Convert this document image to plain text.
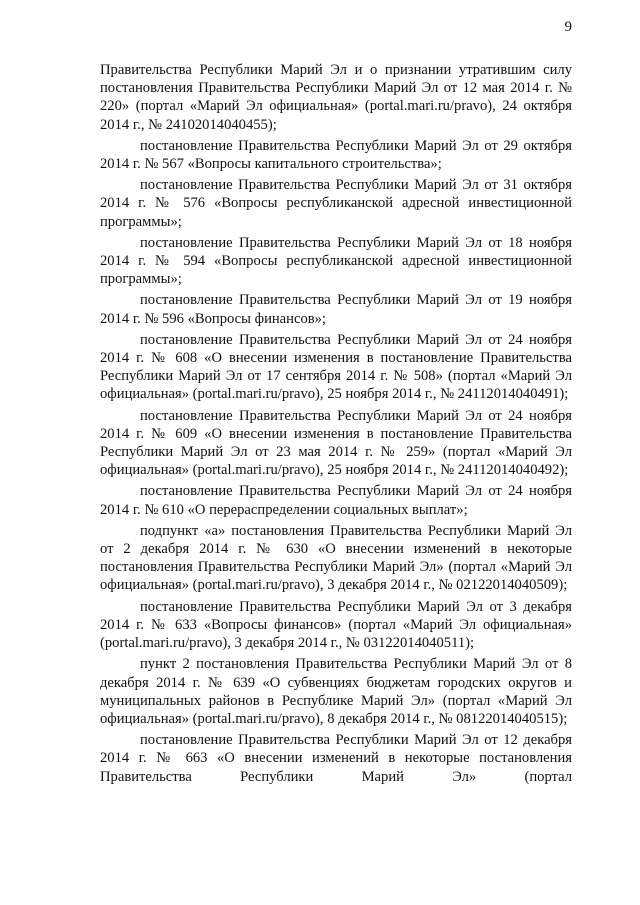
9

Правительства Республики Марий Эл и о признании утратившим силу постановления Правительства Республики Марий Эл от 12 мая 2014 г. № 220» (портал «Марий Эл официальная» (portal.mari.ru/pravo), 24 октября 2014 г., № 24102014040455);

постановление Правительства Республики Марий Эл от 29 октября 2014 г. № 567 «Вопросы капитального строительства»;

постановление Правительства Республики Марий Эл от 31 октября 2014 г. № 576 «Вопросы республиканской адресной инвестиционной программы»;

постановление Правительства Республики Марий Эл от 18 ноября 2014 г. № 594 «Вопросы республиканской адресной инвестиционной программы»;

постановление Правительства Республики Марий Эл от 19 ноября 2014 г. № 596 «Вопросы финансов»;

постановление Правительства Республики Марий Эл от 24 ноября 2014 г. № 608 «О внесении изменения в постановление Правительства Республики Марий Эл от 17 сентября 2014 г. № 508» (портал «Марий Эл официальная» (portal.mari.ru/pravo), 25 ноября 2014 г., № 24112014040491);

постановление Правительства Республики Марий Эл от 24 ноября 2014 г. № 609 «О внесении изменения в постановление Правительства Республики Марий Эл от 23 мая 2014 г. № 259» (портал «Марий Эл официальная» (portal.mari.ru/pravo), 25 ноября 2014 г., № 24112014040492);

постановление Правительства Республики Марий Эл от 24 ноября 2014 г. № 610 «О перераспределении социальных выплат»;

подпункт «а» постановления Правительства Республики Марий Эл от 2 декабря 2014 г. № 630 «О внесении изменений в некоторые постановления Правительства Республики Марий Эл» (портал «Марий Эл официальная» (portal.mari.ru/pravo), 3 декабря 2014 г., № 02122014040509);

постановление Правительства Республики Марий Эл от 3 декабря 2014 г. № 633 «Вопросы финансов» (портал «Марий Эл официальная» (portal.mari.ru/pravo), 3 декабря 2014 г., № 03122014040511);

пункт 2 постановления Правительства Республики Марий Эл от 8 декабря 2014 г. № 639 «О субвенциях бюджетам городских округов и муниципальных районов в Республике Марий Эл» (портал «Марий Эл официальная» (portal.mari.ru/pravo), 8 декабря 2014 г., № 08122014040515);

постановление Правительства Республики Марий Эл от 12 декабря 2014 г. № 663 «О внесении изменений в некоторые постановления Правительства Республики Марий Эл» (портал
